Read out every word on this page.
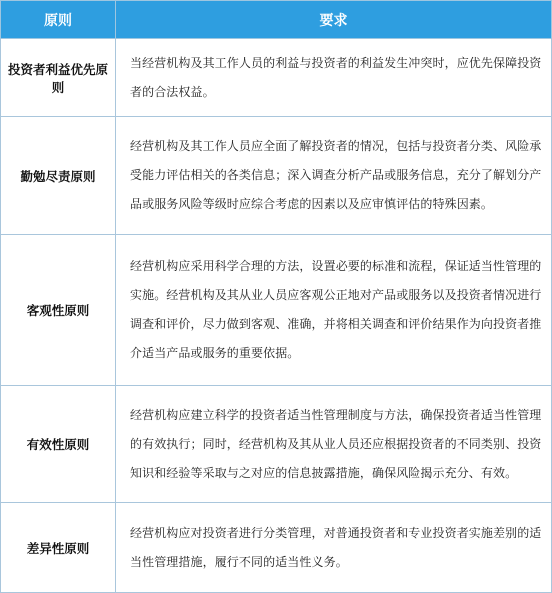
原则	要求
投资者利益优先原则	当经营机构及其工作人员的利益与投资者的利益发生冲突时，应优先保障投资者的合法权益。
勤勉尽责原则	经营机构及其工作人员应全面了解投资者的情况，包括与投资者分类、风险承受能力评估相关的各类信息；深入调查分析产品或服务信息，充分了解划分产品或服务风险等级时应综合考虑的因素以及应审慎评估的特殊因素。
客观性原则	经营机构应采用科学合理的方法，设置必要的标准和流程，保证适当性管理的实施。经营机构及其从业人员应客观公正地对产品或服务以及投资者情况进行调查和评价，尽力做到客观、准确，并将相关调查和评价结果作为向投资者推介适当产品或服务的重要依据。
有效性原则	经营机构应建立科学的投资者适当性管理制度与方法，确保投资者适当性管理的有效执行；同时，经营机构及其从业人员还应根据投资者的不同类别、投资知识和经验等采取与之对应的信息披露措施，确保风险揭示充分、有效。
差异性原则	经营机构应对投资者进行分类管理，对普通投资者和专业投资者实施差别的适当性管理措施，履行不同的适当性义务。
